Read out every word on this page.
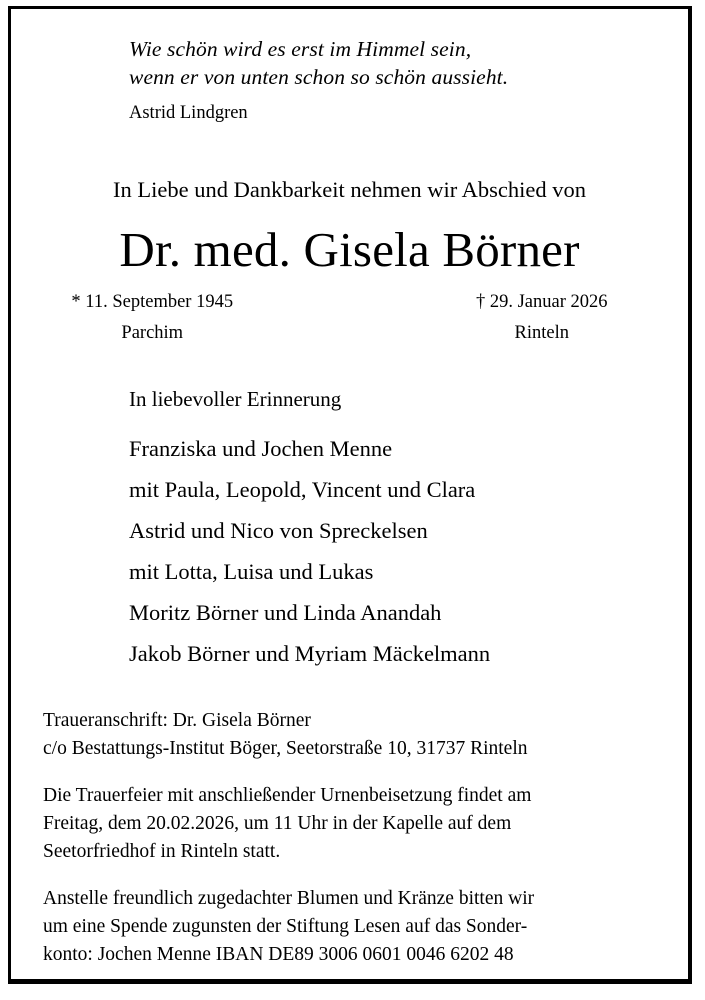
Wie schön wird es erst im Himmel sein,
wenn er von unten schon so schön aussieht.
Astrid Lindgren
In Liebe und Dankbarkeit nehmen wir Abschied von
Dr. med. Gisela Börner
* 11. September 1945
Parchim
† 29. Januar 2026
Rinteln
In liebevoller Erinnerung
Franziska und Jochen Menne
mit Paula, Leopold, Vincent und Clara
Astrid und Nico von Spreckelsen
mit Lotta, Luisa und Lukas
Moritz Börner und Linda Anandah
Jakob Börner und Myriam Mäckelmann

Traueranschrift: Dr. Gisela Börner
c/o Bestattungs-Institut Böger, Seetorstraße 10, 31737 Rinteln

Die Trauerfeier mit anschließender Urnenbeisetzung findet am
Freitag, dem 20.02.2026, um 11 Uhr in der Kapelle auf dem
Seetorfriedhof in Rinteln statt.

Anstelle freundlich zugedachter Blumen und Kränze bitten wir
um eine Spende zugunsten der Stiftung Lesen auf das Sonder-
konto: Jochen Menne IBAN DE89 3006 0601 0046 6202 48
